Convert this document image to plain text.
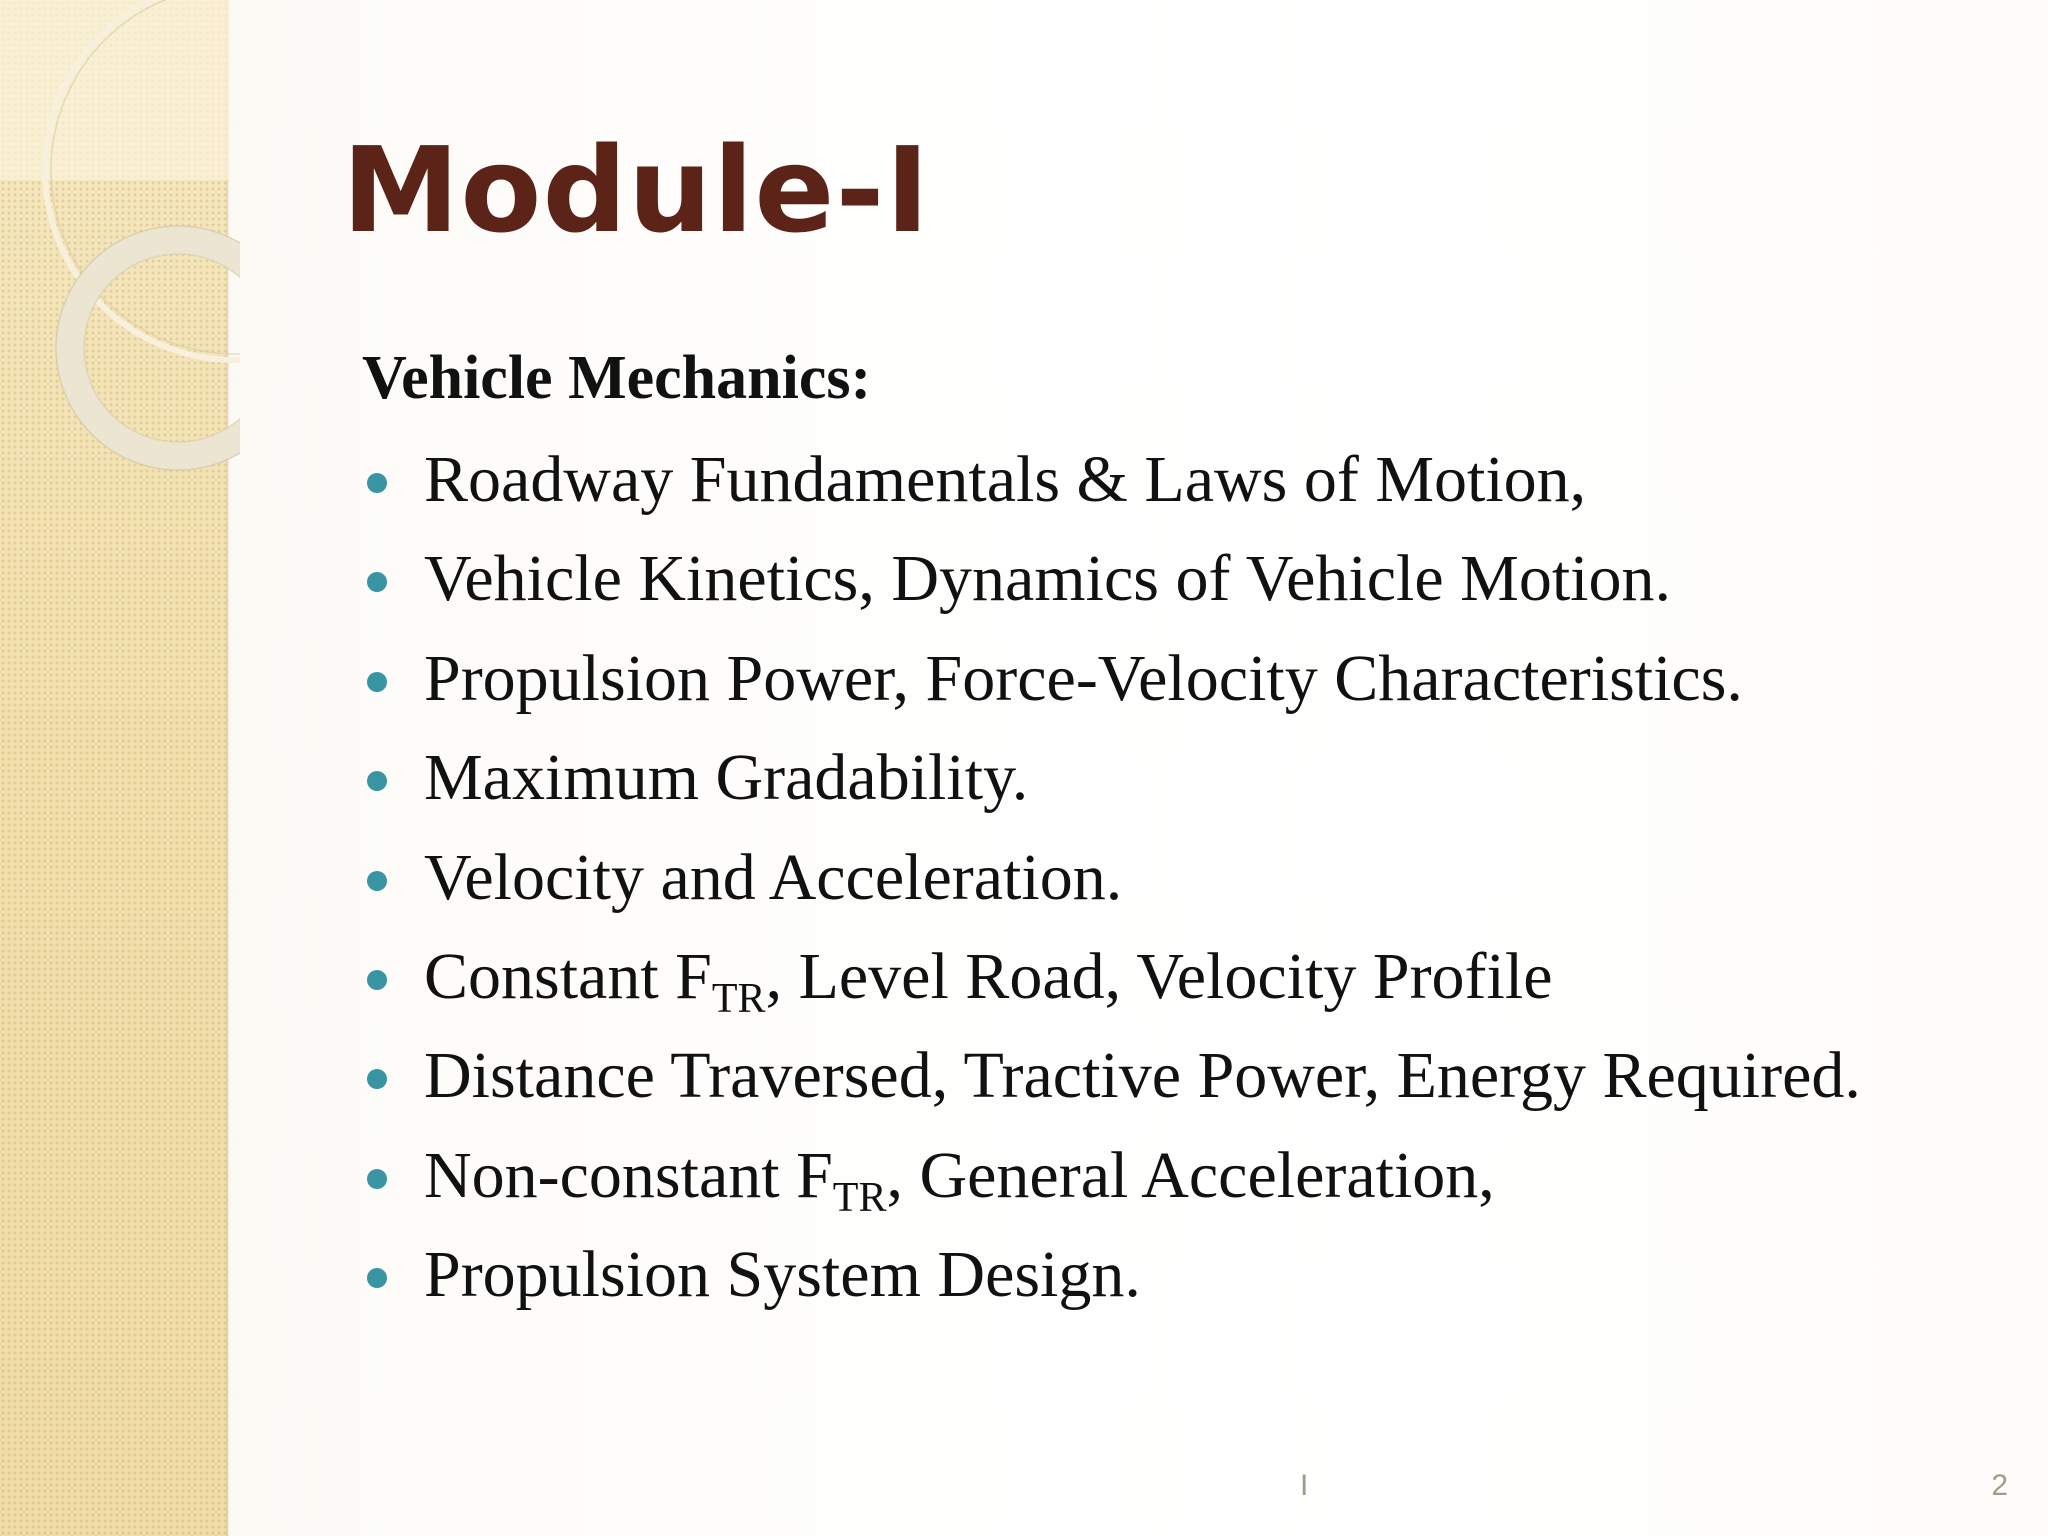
Module-I
Vehicle Mechanics:
Roadway Fundamentals & Laws of Motion,
Vehicle Kinetics, Dynamics of Vehicle Motion.
Propulsion Power, Force-Velocity Characteristics.
Maximum Gradability.
Velocity and Acceleration.
Constant $F_{TR}$, Level Road, Velocity Profile
Distance Traversed, Tractive Power, Energy Required.
Non-constant $F_{TR}$, General Acceleration,
Propulsion System Design.
I	2
